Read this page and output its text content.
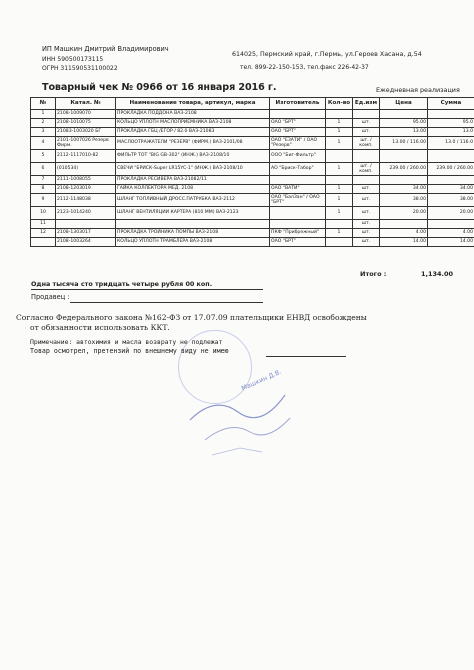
ИП Машкин Дмитрий Владимирович
ИНН 590500173115
ОГРН 311590531100022
614025, Пермский край, г.Пермь, ул.Героев Хасана, д.54
тел. 899-22-150-153, тел.факс 226-42-37
Товарный чек № 0966 от 16 января 2016 г.	Ежедневная реализация
№	Катал. №	Наименование товара, артикул, марка	Изготовитель	Кол-во	Ед.изм	Цена	Сумма
1	2108-1009070	ПРОКЛАДКА ПОДДОНА ВАЗ-2108					
2	2108-1010075	КОЛЬЦО УПЛОТН МАСЛОПРИЕМНИКА ВАЗ-2108	ОАО "БРТ"	1	шт.	95.00	95.0
3	21083-1003020 БГ	ПРОКЛАДКА ГБЦ /ЕГОР / 82.0 ВАЗ-21083	ОАО "БРТ"	1	шт.	13.00	13.0
4	2101-1007026 Резерв Фирм.	МАСЛООТРАЖАТЕЛИ "РЕЗЕРВ" (ФИРМ.) ВАЗ-2101/08	ОАО "ЕЗАТИ" / ОАО "Резерв"	1	шт. / комп.	13.00 / 116.00	13.0 / 116.0
5	2112-1117010-82	ФИЛЬТР ТОТ "BIG GB-302" (ИНЖ.) ВАЗ-2108/10	ООО "Биг-Фильтр"				
6	(010534)	СВЕЧИ "БРИСК-Super LR15YC-1" (ИНЖ.) ВАЗ-2108/10	АО "Бриск-Табор"	1	шт. / комп.	239.00 / 260.00	239.00 / 260.00
7	2111-1008055	ПРОКЛАДКА РЕСИВЕРА ВАЗ-21082/11					
8	2108-1203019	ГАЙКА КОЛЛЕКТОРА МЕД. 2108	ОАО "ВАТИ"	1	шт.	34.00	34.00
9	2112-1148038	ШЛАНГ ТОПЛИВНЫЙ ДРОСС.ПАТРУБКА ВАЗ-2112	ОАО "БалЗан" / ОАО "БРТ"	1	шт.	38.00	38.00
10	2123-1014240	ШЛАНГ ВЕНТИЛЯЦИИ КАРТЕРА (810 ММ) ВАЗ-2123		1	шт.	20.00	20.00
11					шт.		
12	2108-1303017	ПРОКЛАДКА ТРОЙНИКА ПОМПЫ ВАЗ-2108	ПКФ "Прибрежный"	1	шт.	4.00	4.00
	2108-1003264	КОЛЬЦО УПЛОТН ТРАМБЛЕРА ВАЗ-2108	ОАО "БРТ"		шт.	14.00	14.00
Итого :	1,134.00
Одна тысяча сто тридцать четыре рубля 00 коп.
Продавец :
Согласно Федерального закона №162-ФЗ от 17.07.09 плательщики ЕНВД освобождены
от обязанности использовать ККТ.
Примечание: автохимия и масла возврату не подлежат
Товар осмотрел, претензий по внешнему виду не имею
Машкин Д.В.
